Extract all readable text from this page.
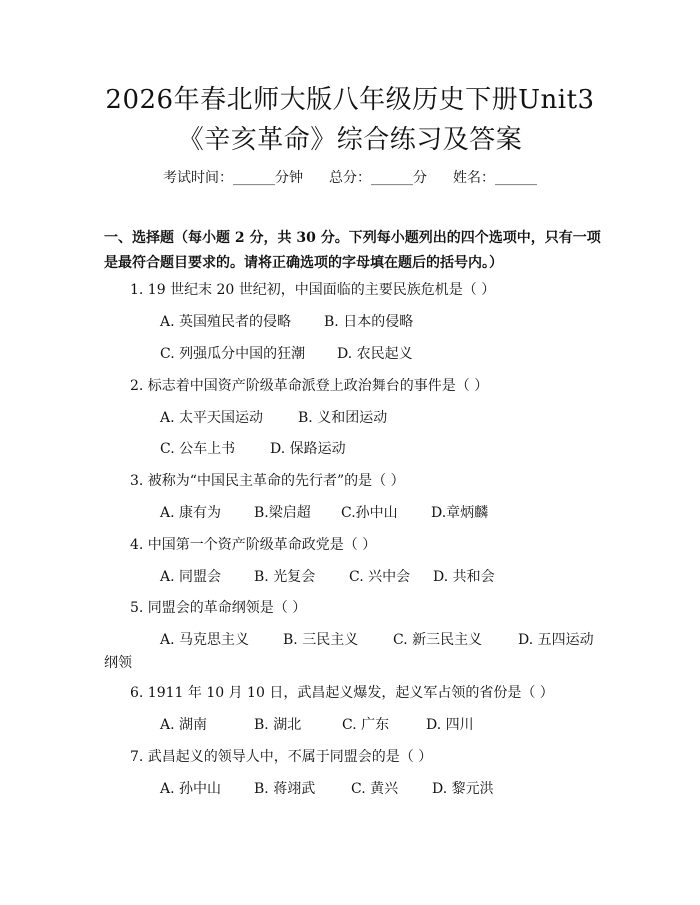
2026年春北师大版八年级历史下册Unit3
《辛亥革命》综合练习及答案
考试时间：______分钟 总分：______分 姓名：______
一、选择题（每小题 2 分，共 30 分。下列每小题列出的四个选项中，只有一项是最符合题目要求的。请将正确选项的字母填在题后的括号内。）
1. 19 世纪末 20 世纪初，中国面临的主要民族危机是（ ）
A. 英国殖民者的侵略 B. 日本的侵略
C. 列强瓜分中国的狂潮 D. 农民起义
2. 标志着中国资产阶级革命派登上政治舞台的事件是（ ）
A. 太平天国运动 B. 义和团运动
C. 公车上书 D. 保路运动
3. 被称为“中国民主革命的先行者”的是（ ）
A. 康有为 B.梁启超 C.孙中山 D.章炳麟
4. 中国第一个资产阶级革命政党是（ ）
A. 同盟会 B. 光复会 C. 兴中会 D. 共和会
5. 同盟会的革命纲领是（ ）
A. 马克思主义 B. 三民主义 C. 新三民主义	D. 五四运动
纲领
6. 1911 年 10 月 10 日，武昌起义爆发，起义军占领的省份是（ ）
A. 湖南	B. 湖北	C. 广东	D. 四川
7. 武昌起义的领导人中，不属于同盟会的是（ ）
A. 孙中山 B. 蒋翊武	C. 黄兴 D. 黎元洪
